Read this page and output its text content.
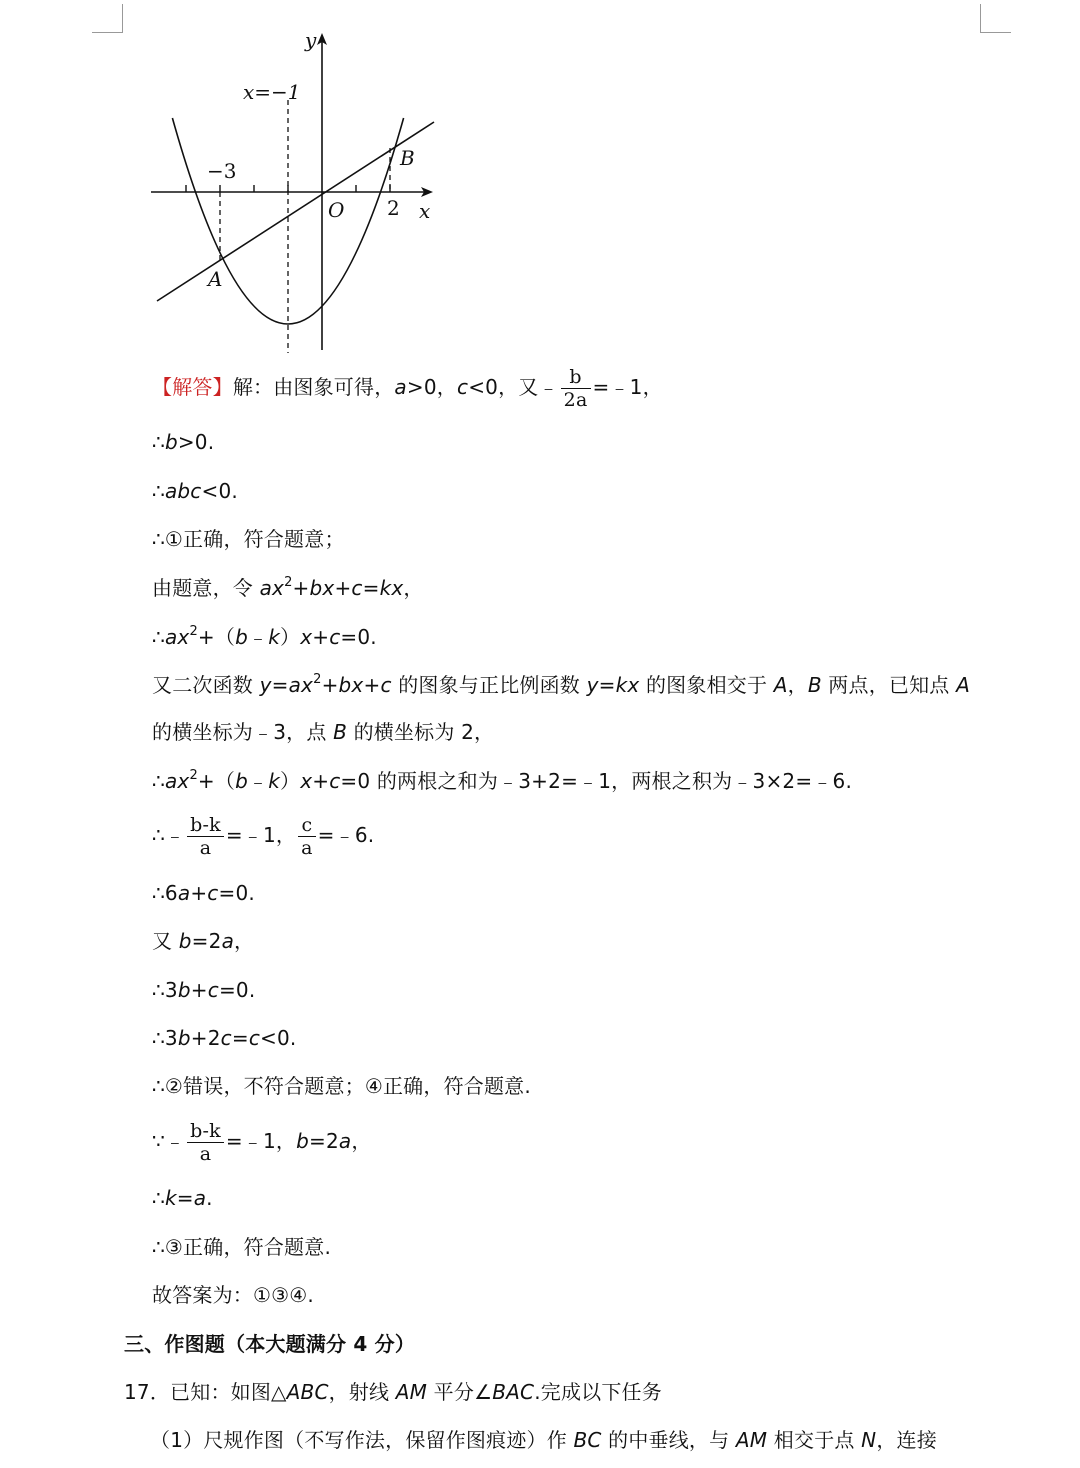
y
x
O
x=−1
−3
2
A
B
【解答】解：由图象可得，a>0，c<0，又﹣ $\frac{b}{2a}$ =﹣1，
∴b>0.
∴abc<0.
∴①正确，符合题意；
由题意，令 $ax^2+bx+c=kx$，
$\therefore ax^2+(b﹣k)x+c=0$.
又二次函数 $y=ax^2+bx+c$ 的图象与正比例函数 y=kx 的图象相交于 A，B 两点，已知点 A
的横坐标为﹣3，点 B 的横坐标为 2，
$\therefore ax^2+(b﹣k)x+c=0$ 的两根之和为﹣3+2=﹣1，两根之积为﹣3×2=﹣6.
∴﹣ $\frac{b-k}{a}$ =﹣1， $\frac{c}{a}$ =﹣6.
∴6a+c=0.
又 b=2a，
∴3b+c=0.
∴3b+2c=c<0.
∴②错误，不符合题意；④正确，符合题意.
∵﹣ $\frac{b-k}{a}$ =﹣1，b=2a，
∴k=a.
∴③正确，符合题意.
故答案为：①③④.
三、作图题（本大题满分 4 分）
17．已知：如图△ABC，射线 AM 平分∠BAC.完成以下任务
（1）尺规作图（不写作法，保留作图痕迹）作 BC 的中垂线，与 AM 相交于点 N，连接
